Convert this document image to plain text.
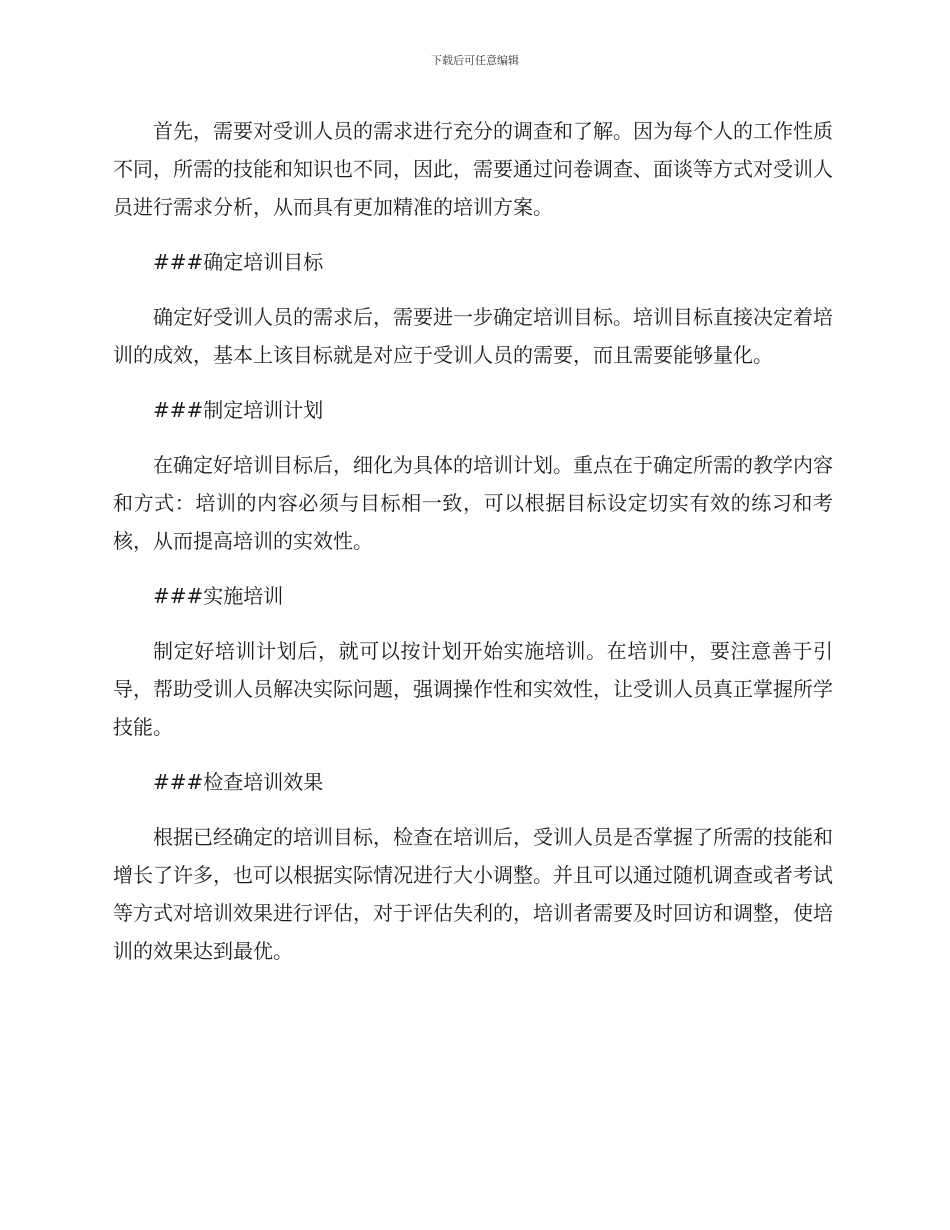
下载后可任意编辑

首先，需要对受训人员的需求进行充分的调查和了解。因为每个人的工作性质不同，所需的技能和知识也不同，因此，需要通过问卷调查、面谈等方式对受训人员进行需求分析，从而具有更加精准的培训方案。

###确定培训目标

确定好受训人员的需求后，需要进一步确定培训目标。培训目标直接决定着培训的成效，基本上该目标就是对应于受训人员的需要，而且需要能够量化。

###制定培训计划

在确定好培训目标后，细化为具体的培训计划。重点在于确定所需的教学内容和方式：培训的内容必须与目标相一致，可以根据目标设定切实有效的练习和考核，从而提高培训的实效性。

###实施培训

制定好培训计划后，就可以按计划开始实施培训。在培训中，要注意善于引导，帮助受训人员解决实际问题，强调操作性和实效性，让受训人员真正掌握所学技能。

###检查培训效果

根据已经确定的培训目标，检查在培训后，受训人员是否掌握了所需的技能和增长了许多，也可以根据实际情况进行大小调整。并且可以通过随机调查或者考试等方式对培训效果进行评估，对于评估失利的，培训者需要及时回访和调整，使培训的效果达到最优。
